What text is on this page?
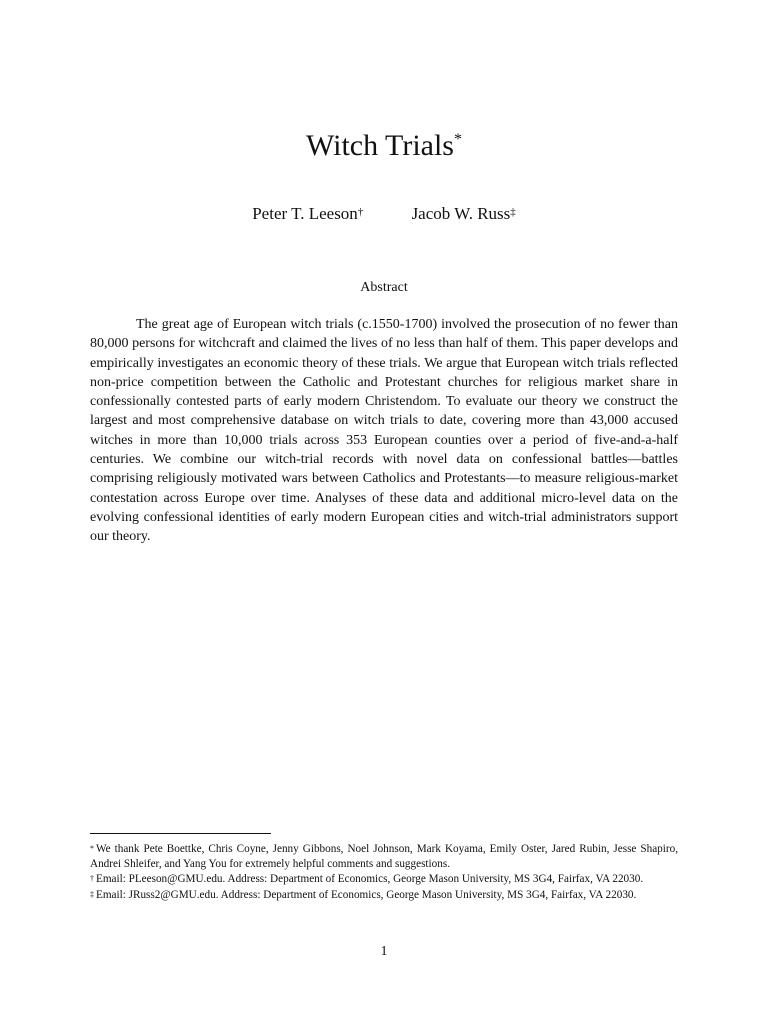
Witch Trials*
Peter T. Leeson†	Jacob W. Russ‡
Abstract

The great age of European witch trials (c.1550-1700) involved the prosecution of no fewer than 80,000 persons for witchcraft and claimed the lives of no less than half of them. This paper develops and empirically investigates an economic theory of these trials. We argue that European witch trials reflected non-price competition between the Catholic and Protestant churches for religious market share in confessionally contested parts of early modern Christendom. To evaluate our theory we construct the largest and most comprehensive database on witch trials to date, covering more than 43,000 accused witches in more than 10,000 trials across 353 European counties over a period of five-and-a-half centuries. We combine our witch-trial records with novel data on confessional battles—battles comprising religiously motivated wars between Catholics and Protestants—to measure religious-market contestation across Europe over time. Analyses of these data and additional micro-level data on the evolving confessional identities of early modern European cities and witch-trial administrators support our theory.

* We thank Pete Boettke, Chris Coyne, Jenny Gibbons, Noel Johnson, Mark Koyama, Emily Oster, Jared Rubin, Jesse Shapiro, Andrei Shleifer, and Yang You for extremely helpful comments and suggestions.

† Email: PLeeson@GMU.edu. Address: Department of Economics, George Mason University, MS 3G4, Fairfax, VA 22030.

‡ Email: JRuss2@GMU.edu. Address: Department of Economics, George Mason University, MS 3G4, Fairfax, VA 22030.

1
